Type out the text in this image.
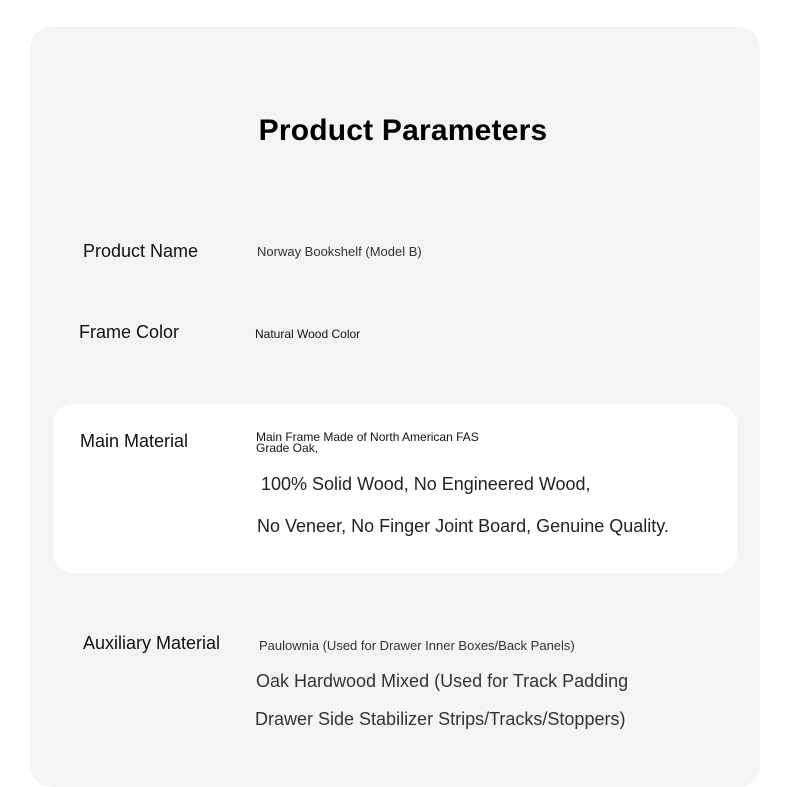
Product Parameters
Product Name	Norway Bookshelf (Model B)
Frame Color	Natural Wood Color
Main Material	Main Frame Made of North American FAS Grade Oak,
100% Solid Wood, No Engineered Wood,
No Veneer, No Finger Joint Board, Genuine Quality.
Auxiliary Material	Paulownia (Used for Drawer Inner Boxes/Back Panels)
Oak Hardwood Mixed (Used for Track Padding
Drawer Side Stabilizer Strips/Tracks/Stoppers)
